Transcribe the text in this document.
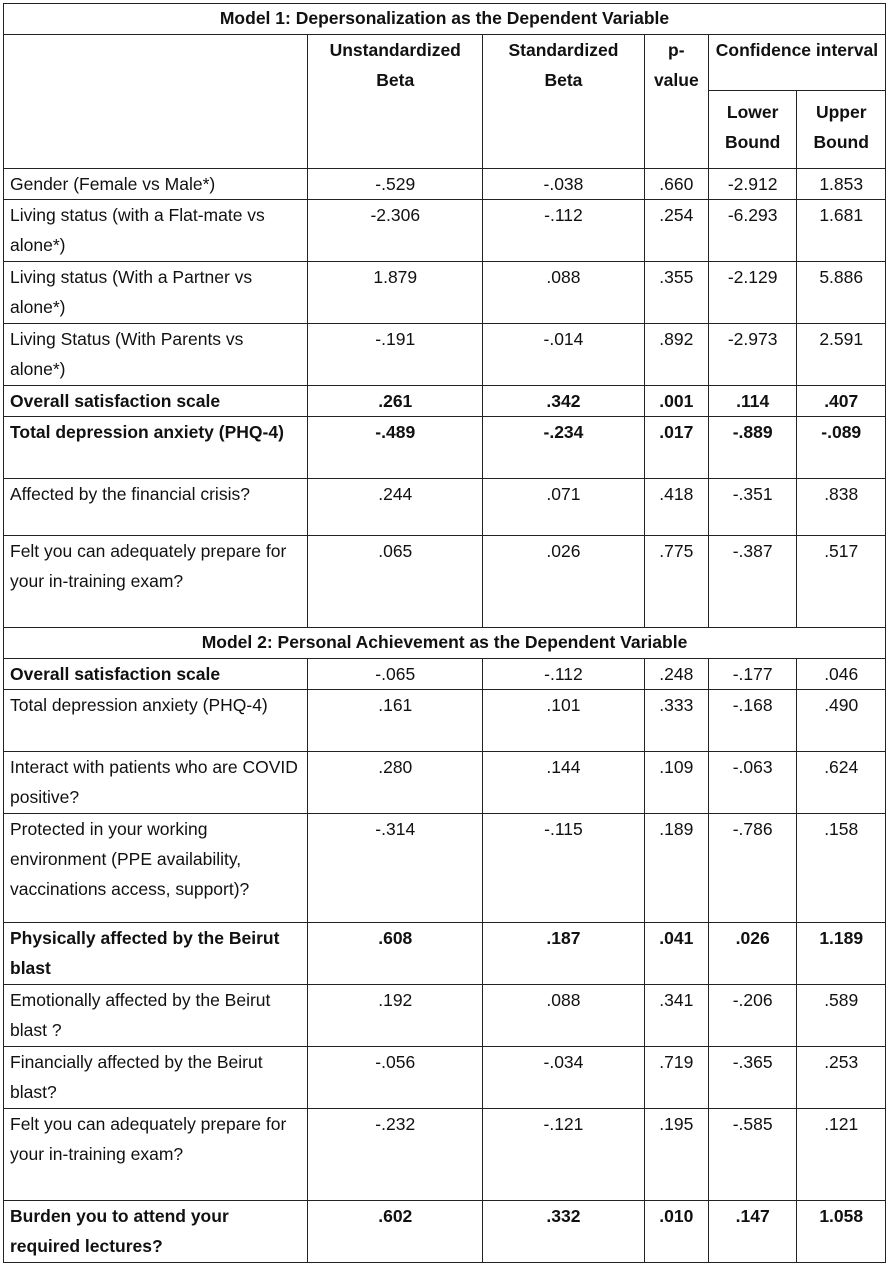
Model 1: Depersonalization as the Dependent Variable					
	Unstandardized Beta	Standardized Beta	p-value	Confidence interval	
				Lower Bound	Upper Bound
Gender (Female vs Male*)	-.529	-.038	.660	-2.912	1.853
Living status (with a Flat-mate vs alone*)	-2.306	-.112	.254	-6.293	1.681
Living status (With a Partner vs alone*)	1.879	.088	.355	-2.129	5.886
Living Status (With Parents vs alone*)	-.191	-.014	.892	-2.973	2.591
Overall satisfaction scale	.261	.342	.001	.114	.407
Total depression anxiety (PHQ-4)	-.489	-.234	.017	-.889	-.089
Affected by the financial crisis?	.244	.071	.418	-.351	.838
Felt you can adequately prepare for your in-training exam?	.065	.026	.775	-.387	.517
Model 2: Personal Achievement as the Dependent Variable					
Overall satisfaction scale	-.065	-.112	.248	-.177	.046
Total depression anxiety (PHQ-4)	.161	.101	.333	-.168	.490
Interact with patients who are COVID positive?	.280	.144	.109	-.063	.624
Protected in your working environment (PPE availability, vaccinations access, support)?	-.314	-.115	.189	-.786	.158
Physically affected by the Beirut blast	.608	.187	.041	.026	1.189
Emotionally affected by the Beirut blast ?	.192	.088	.341	-.206	.589
Financially affected by the Beirut blast?	-.056	-.034	.719	-.365	.253
Felt you can adequately prepare for your in-training exam?	-.232	-.121	.195	-.585	.121
Burden you to attend your required lectures?	.602	.332	.010	.147	1.058
